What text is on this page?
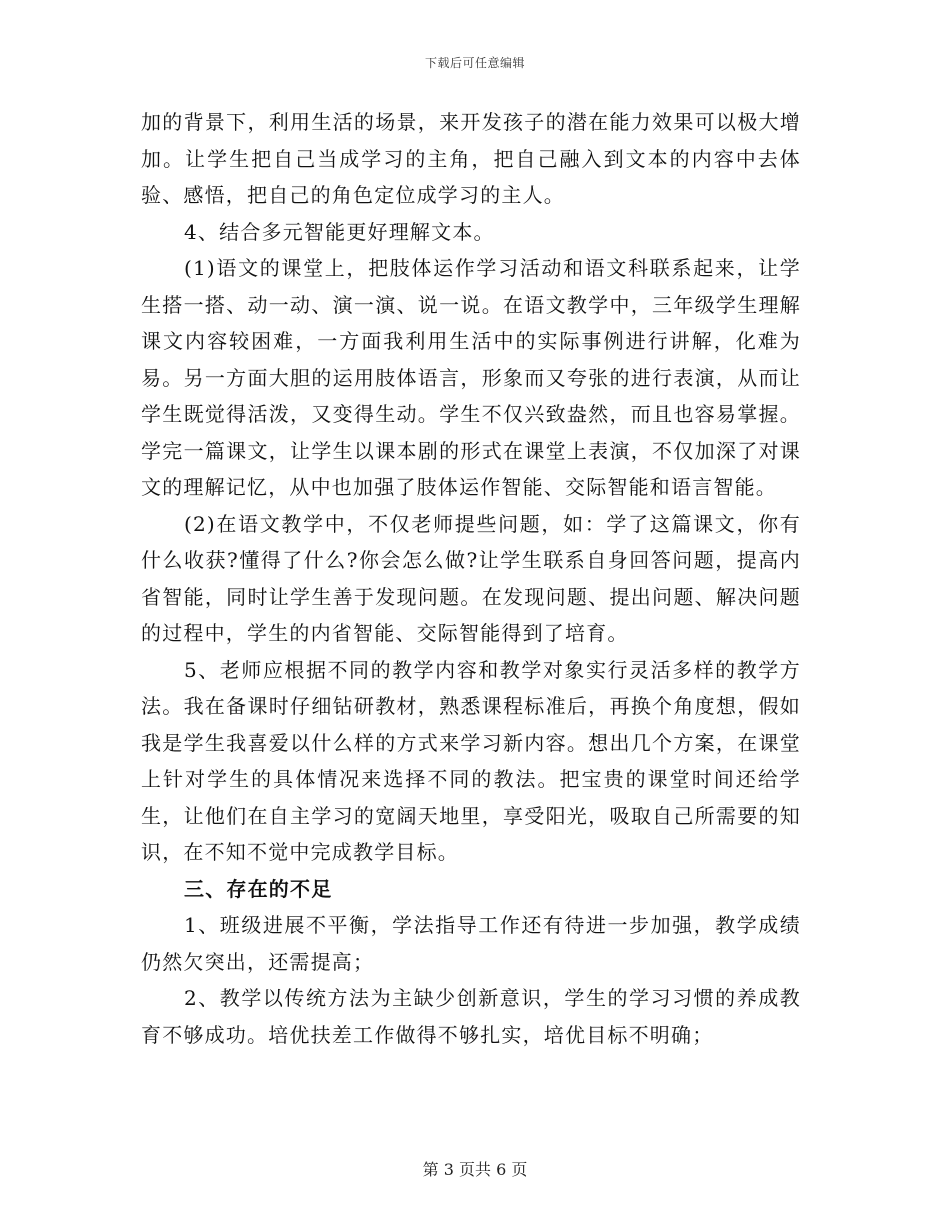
下载后可任意编辑

加的背景下，利用生活的场景，来开发孩子的潜在能力效果可以极大增加。让学生把自己当成学习的主角，把自己融入到文本的内容中去体验、感悟，把自己的角色定位成学习的主人。

4、结合多元智能更好理解文本。

(1)语文的课堂上，把肢体运作学习活动和语文科联系起来，让学生搭一搭、动一动、演一演、说一说。在语文教学中，三年级学生理解课文内容较困难，一方面我利用生活中的实际事例进行讲解，化难为易。另一方面大胆的运用肢体语言，形象而又夸张的进行表演，从而让学生既觉得活泼，又变得生动。学生不仅兴致盎然，而且也容易掌握。学完一篇课文，让学生以课本剧的形式在课堂上表演，不仅加深了对课文的理解记忆，从中也加强了肢体运作智能、交际智能和语言智能。

(2)在语文教学中，不仅老师提些问题，如：学了这篇课文，你有什么收获?懂得了什么?你会怎么做?让学生联系自身回答问题，提高内省智能，同时让学生善于发现问题。在发现问题、提出问题、解决问题的过程中，学生的内省智能、交际智能得到了培育。

5、老师应根据不同的教学内容和教学对象实行灵活多样的教学方法。我在备课时仔细钻研教材，熟悉课程标准后，再换个角度想，假如我是学生我喜爱以什么样的方式来学习新内容。想出几个方案，在课堂上针对学生的具体情况来选择不同的教法。把宝贵的课堂时间还给学生，让他们在自主学习的宽阔天地里，享受阳光，吸取自己所需要的知识，在不知不觉中完成教学目标。

三、存在的不足

1、班级进展不平衡，学法指导工作还有待进一步加强，教学成绩仍然欠突出，还需提高；

2、教学以传统方法为主缺少创新意识，学生的学习习惯的养成教育不够成功。培优扶差工作做得不够扎实，培优目标不明确；

第 3 页共 6 页
